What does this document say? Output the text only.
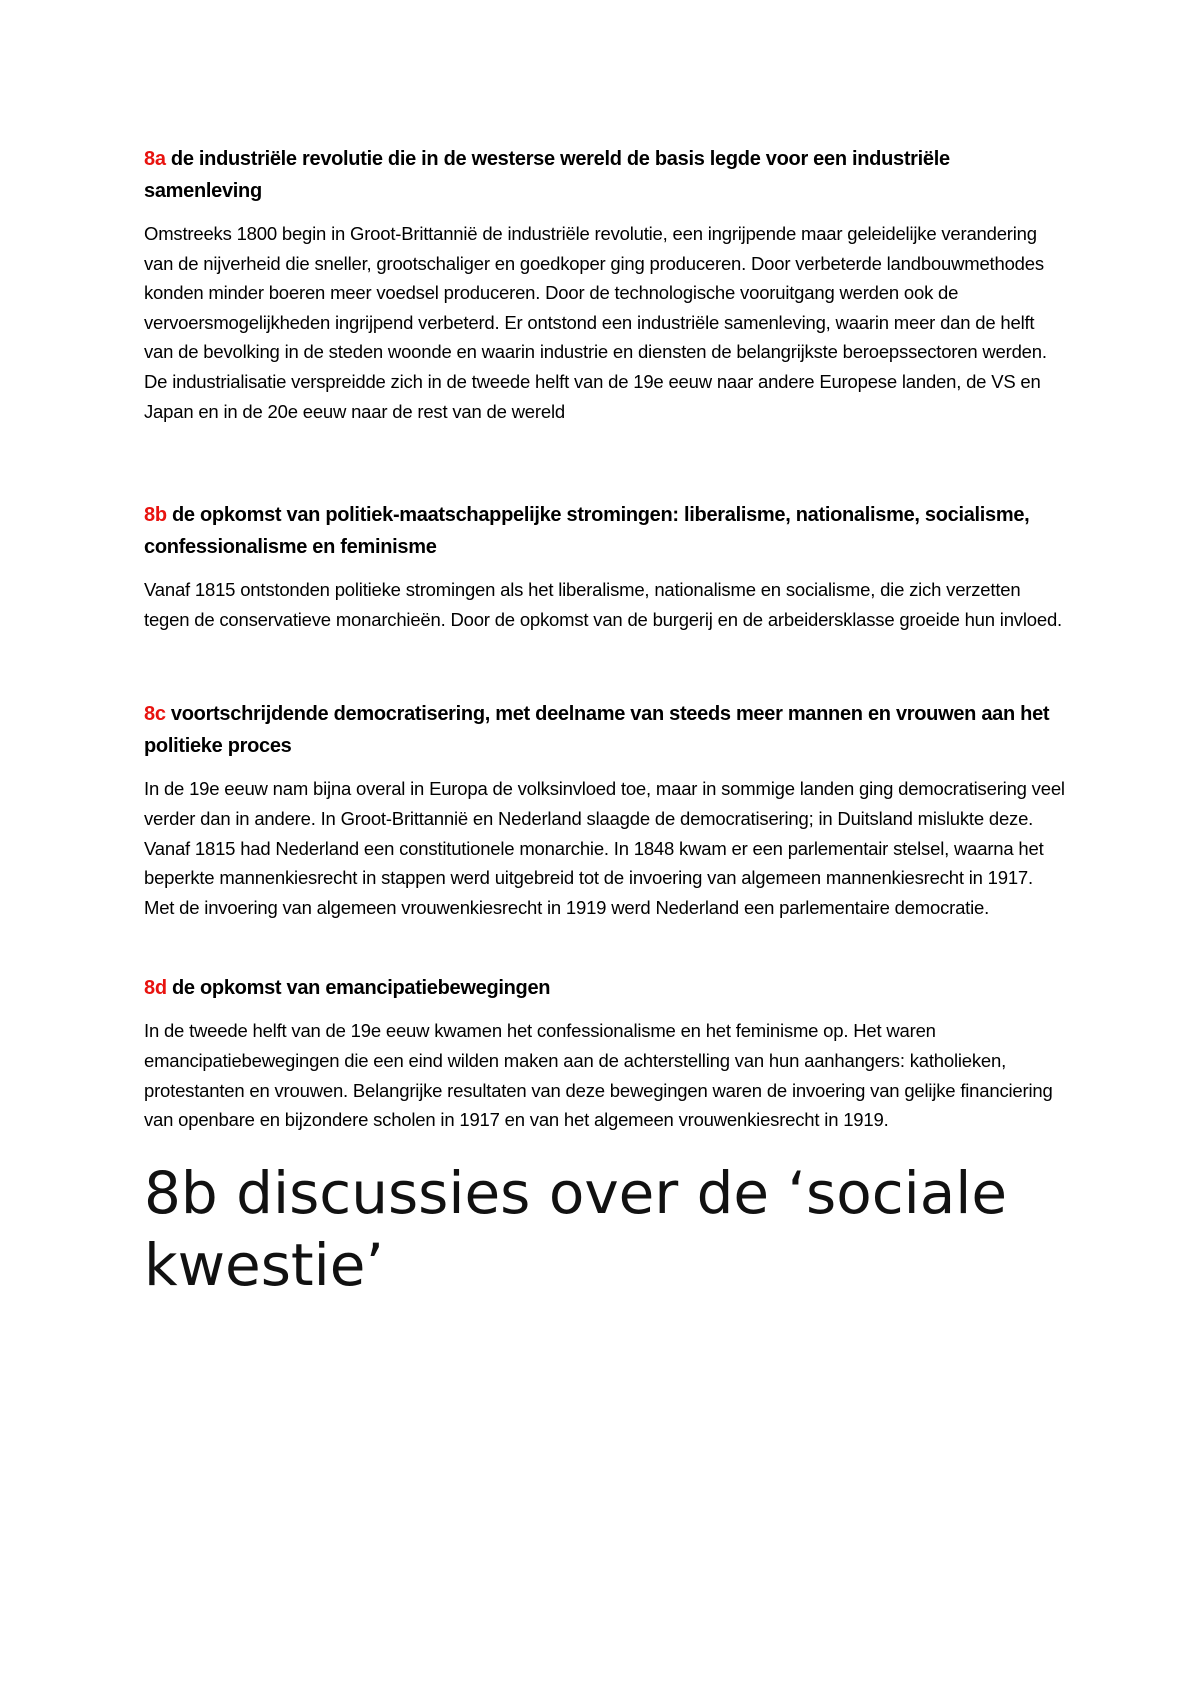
8a de industriële revolutie die in de westerse wereld de basis legde voor een industriële samenleving

Omstreeks 1800 begin in Groot-Brittannië de industriële revolutie, een ingrijpende maar geleidelijke verandering van de nijverheid die sneller, grootschaliger en goedkoper ging produceren. Door verbeterde landbouwmethodes konden minder boeren meer voedsel produceren. Door de technologische vooruitgang werden ook de vervoersmogelijkheden ingrijpend verbeterd. Er ontstond een industriële samenleving, waarin meer dan de helft van de bevolking in de steden woonde en waarin industrie en diensten de belangrijkste beroepssectoren werden. De industrialisatie verspreidde zich in de tweede helft van de 19e eeuw naar andere Europese landen, de VS en Japan en in de 20e eeuw naar de rest van de wereld

8b de opkomst van politiek-maatschappelijke stromingen: liberalisme, nationalisme, socialisme, confessionalisme en feminisme

Vanaf 1815 ontstonden politieke stromingen als het liberalisme, nationalisme en socialisme, die zich verzetten tegen de conservatieve monarchieën. Door de opkomst van de burgerij en de arbeidersklasse groeide hun invloed.

8c voortschrijdende democratisering, met deelname van steeds meer mannen en vrouwen aan het politieke proces

In de 19e eeuw nam bijna overal in Europa de volksinvloed toe, maar in sommige landen ging democratisering veel verder dan in andere. In Groot-Brittannië en Nederland slaagde de democratisering; in Duitsland mislukte deze. Vanaf 1815 had Nederland een constitutionele monarchie. In 1848 kwam er een parlementair stelsel, waarna het beperkte mannenkiesrecht in stappen werd uitgebreid tot de invoering van algemeen mannenkiesrecht in 1917. Met de invoering van algemeen vrouwenkiesrecht in 1919 werd Nederland een parlementaire democratie.

8d de opkomst van emancipatiebewegingen

In de tweede helft van de 19e eeuw kwamen het confessionalisme en het feminisme op. Het waren emancipatiebewegingen die een eind wilden maken aan de achterstelling van hun aanhangers: katholieken, protestanten en vrouwen. Belangrijke resultaten van deze bewegingen waren de invoering van gelijke financiering van openbare en bijzondere scholen in 1917 en van het algemeen vrouwenkiesrecht in 1919.

8b discussies over de ‘sociale kwestie’
